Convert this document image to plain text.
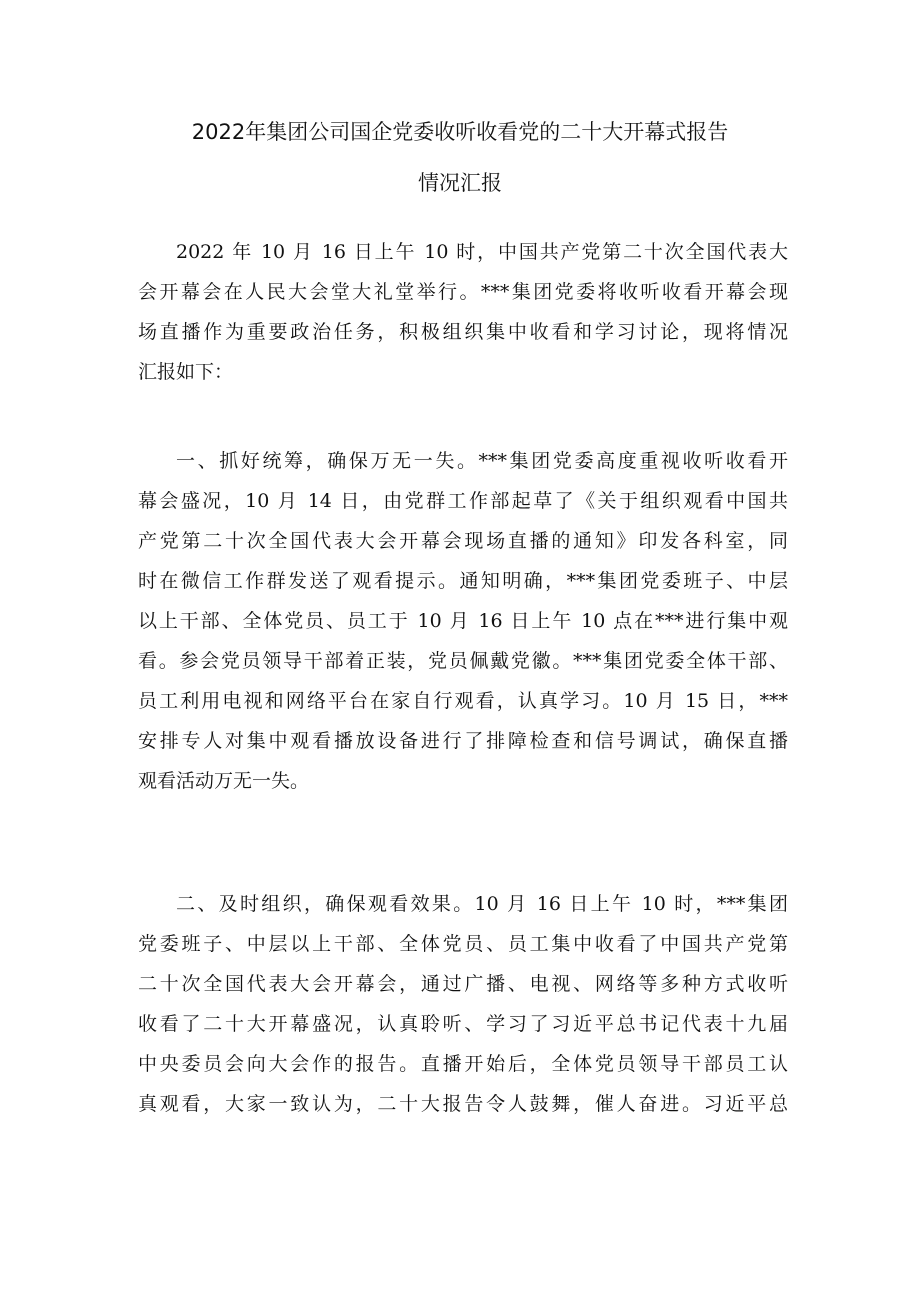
2022年集团公司国企党委收听收看党的二十大开幕式报告
情况汇报
2022 年 10 月 16 日上午 10 时，中国共产党第二十次全国代表大
会开幕会在人民大会堂大礼堂举行。***集团党委将收听收看开幕会现
场直播作为重要政治任务，积极组织集中收看和学习讨论，现将情况
汇报如下：
一、抓好统筹，确保万无一失。***集团党委高度重视收听收看开
幕会盛况，10 月 14 日，由党群工作部起草了《关于组织观看中国共
产党第二十次全国代表大会开幕会现场直播的通知》印发各科室，同
时在微信工作群发送了观看提示。通知明确，***集团党委班子、中层
以上干部、全体党员、员工于 10 月 16 日上午 10 点在***进行集中观
看。参会党员领导干部着正装，党员佩戴党徽。***集团党委全体干部、
员工利用电视和网络平台在家自行观看，认真学习。10 月 15 日，***
安排专人对集中观看播放设备进行了排障检查和信号调试，确保直播
观看活动万无一失。
二、及时组织，确保观看效果。10 月 16 日上午 10 时，***集团
党委班子、中层以上干部、全体党员、员工集中收看了中国共产党第
二十次全国代表大会开幕会，通过广播、电视、网络等多种方式收听
收看了二十大开幕盛况，认真聆听、学习了习近平总书记代表十九届
中央委员会向大会作的报告。直播开始后，全体党员领导干部员工认
真观看，大家一致认为，二十大报告令人鼓舞，催人奋进。习近平总
